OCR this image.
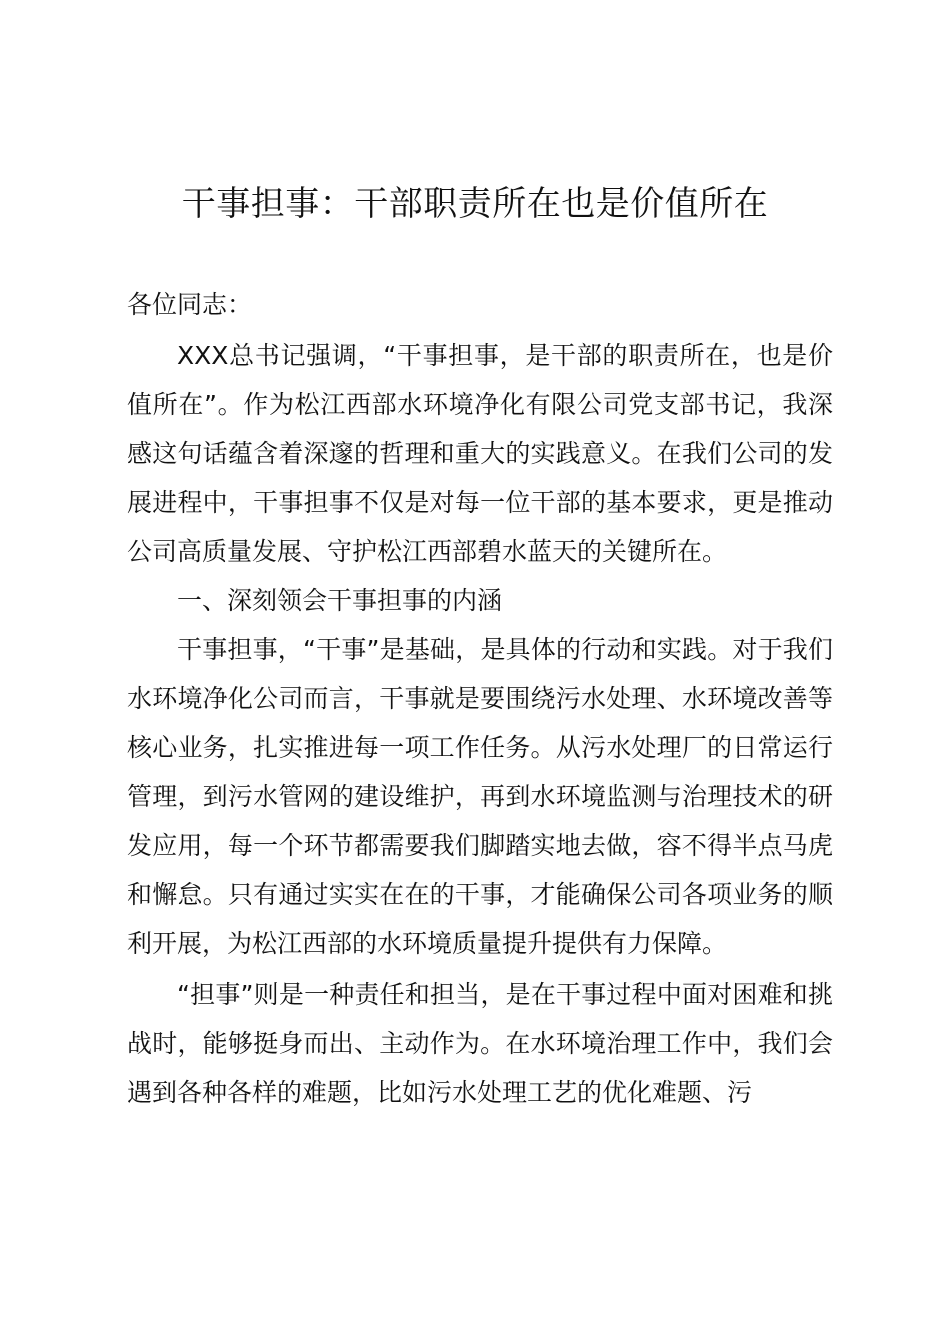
干事担事：干部职责所在也是价值所在

各位同志：

XXX总书记强调，“干事担事，是干部的职责所在，也是价值所在”。作为松江西部水环境净化有限公司党支部书记，我深感这句话蕴含着深邃的哲理和重大的实践意义。在我们公司的发展进程中，干事担事不仅是对每一位干部的基本要求，更是推动公司高质量发展、守护松江西部碧水蓝天的关键所在。

一、深刻领会干事担事的内涵

干事担事，“干事”是基础，是具体的行动和实践。对于我们水环境净化公司而言，干事就是要围绕污水处理、水环境改善等核心业务，扎实推进每一项工作任务。从污水处理厂的日常运行管理，到污水管网的建设维护，再到水环境监测与治理技术的研发应用，每一个环节都需要我们脚踏实地去做，容不得半点马虎和懈怠。只有通过实实在在的干事，才能确保公司各项业务的顺利开展，为松江西部的水环境质量提升提供有力保障。

“担事”则是一种责任和担当，是在干事过程中面对困难和挑战时，能够挺身而出、主动作为。在水环境治理工作中，我们会遇到各种各样的难题，比如污水处理工艺的优化难题、污
